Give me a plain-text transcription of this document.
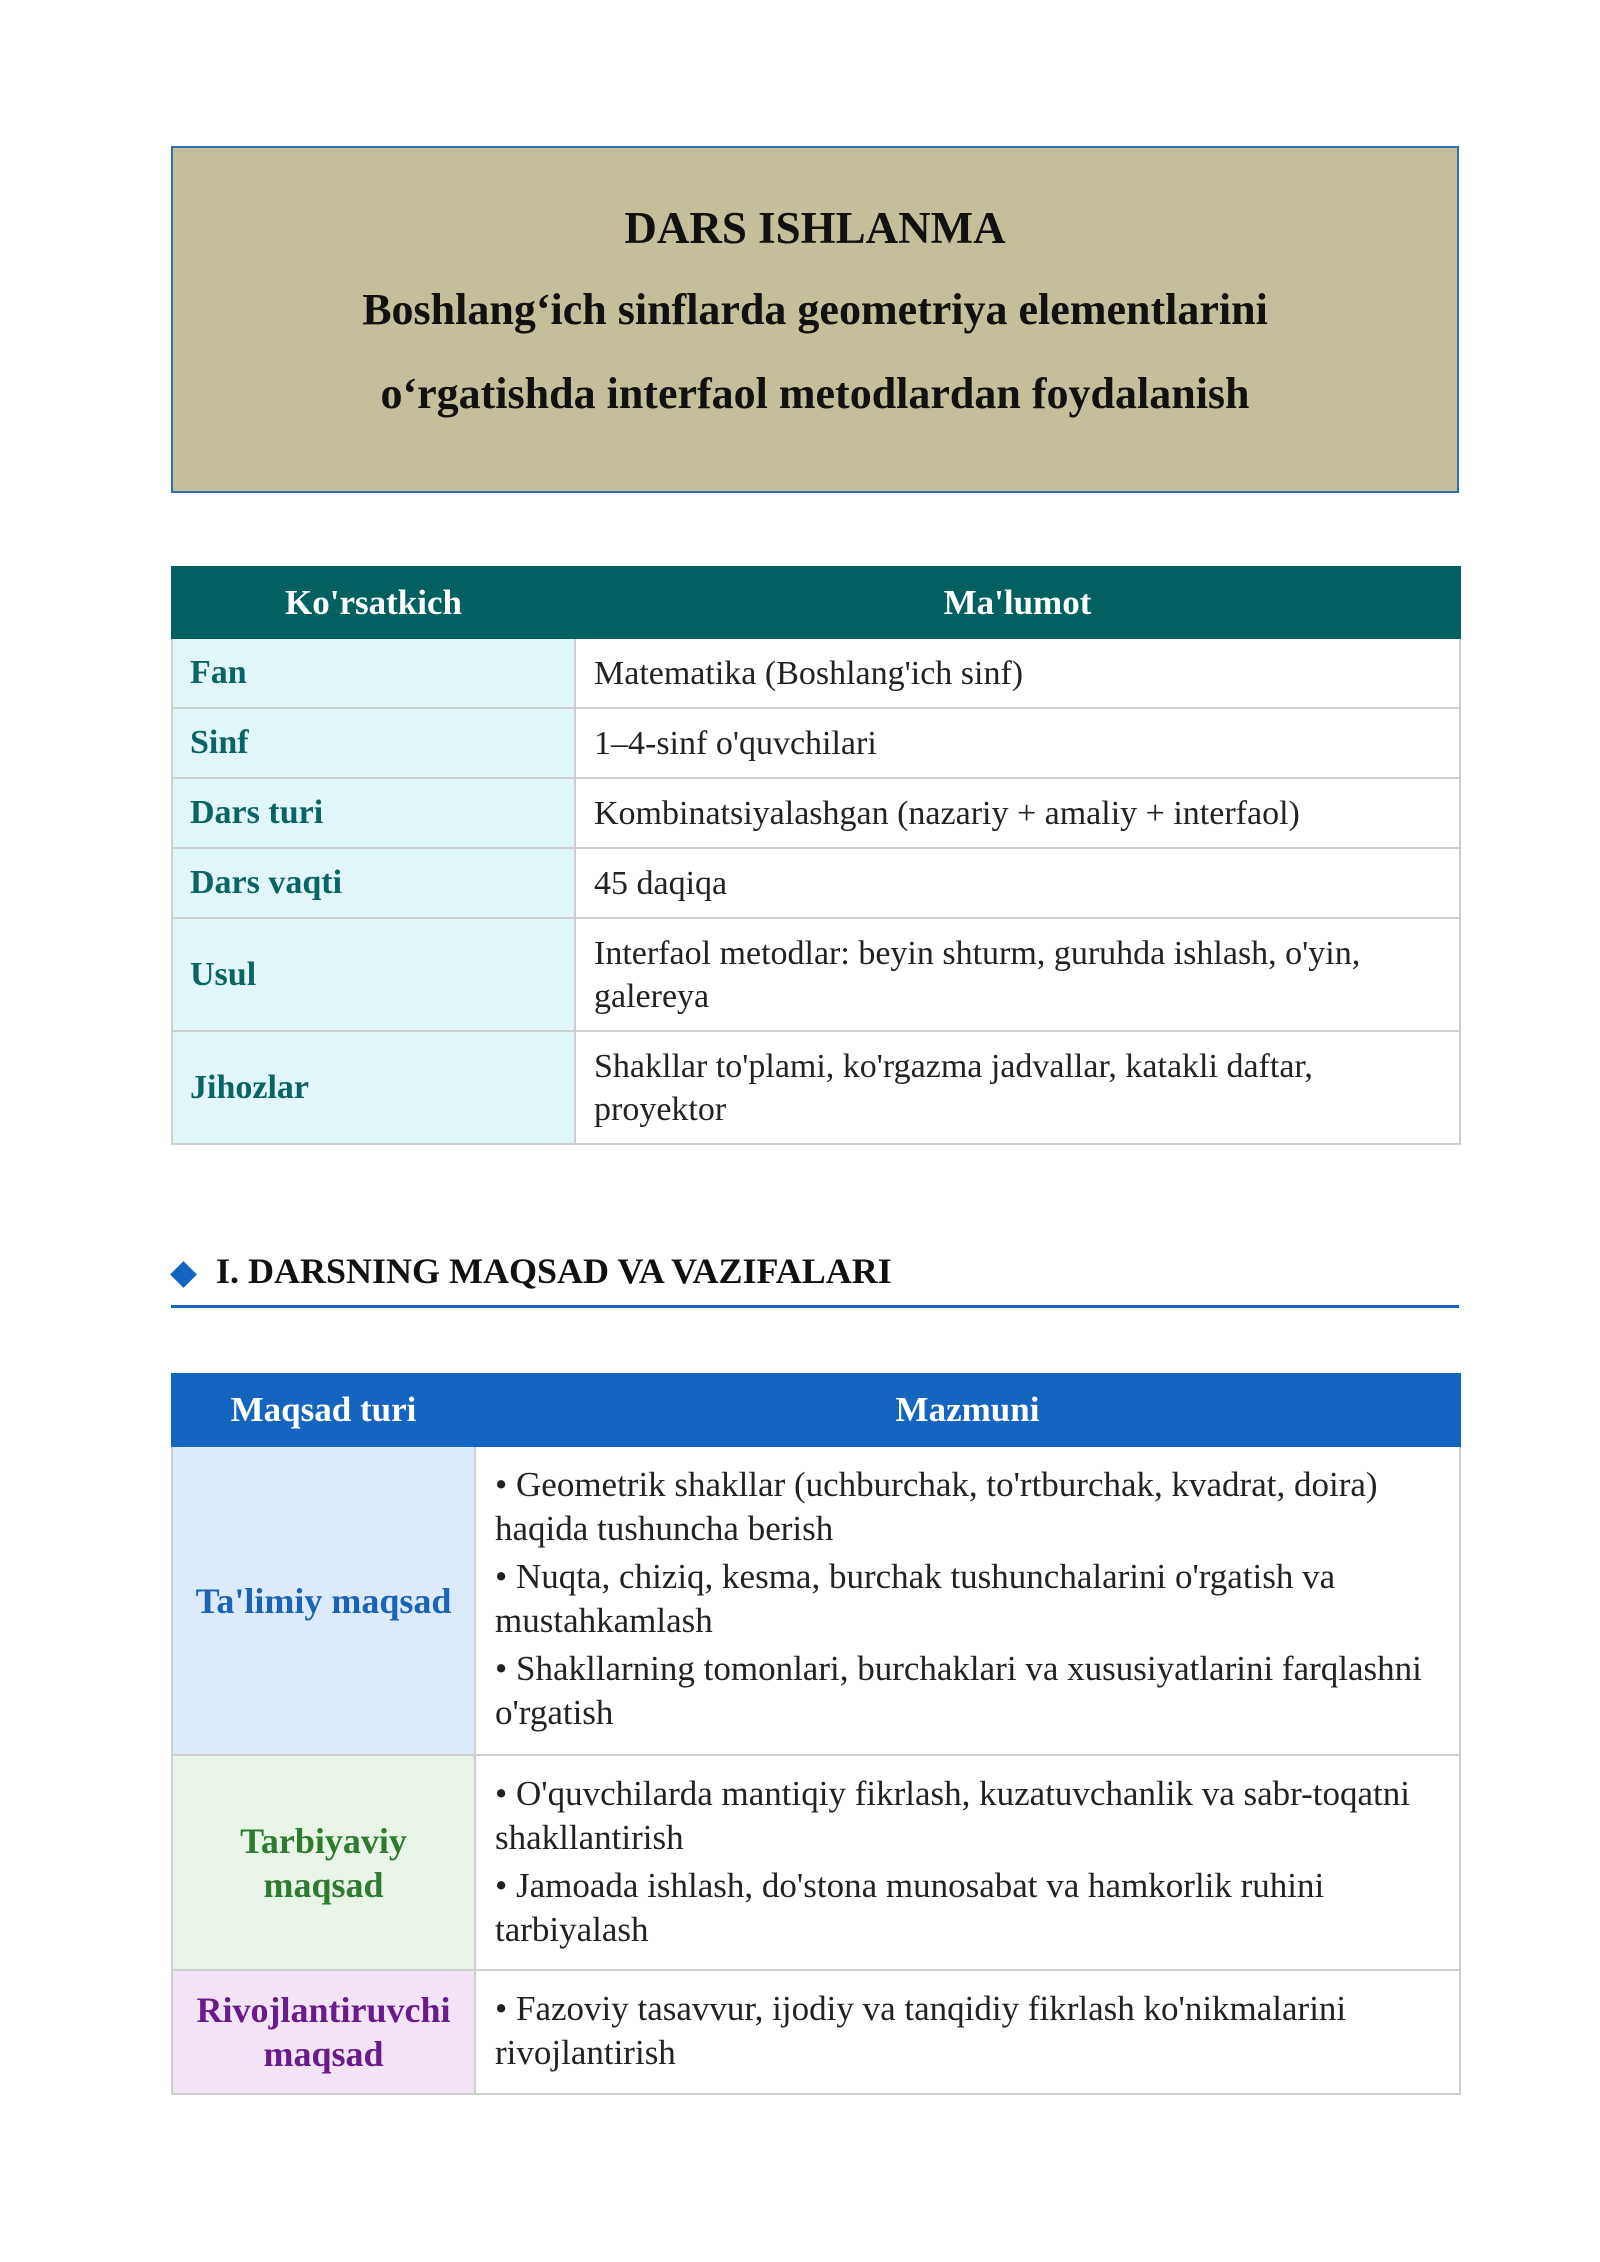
DARS ISHLANMA
Boshlang‘ich sinflarda geometriya elementlarini
o‘rgatishda interfaol metodlardan foydalanish
Ko'rsatkich	Ma'lumot
Fan	Matematika (Boshlang'ich sinf)
Sinf	1–4-sinf o'quvchilari
Dars turi	Kombinatsiyalashgan (nazariy + amaliy + interfaol)
Dars vaqti	45 daqiqa
Usul	Interfaol metodlar: beyin shturm, guruhda ishlash, o'yin, galereya
Jihozlar	Shakllar to'plami, ko'rgazma jadvallar, katakli daftar, proyektor
I. DARSNING MAQSAD VA VAZIFALARI
Maqsad turi	Mazmuni
Ta'limiy maqsad	• Geometrik shakllar (uchburchak, to'rtburchak, kvadrat, doira) haqida tushuncha berish
• Nuqta, chiziq, kesma, burchak tushunchalarini o'rgatish va mustahkamlash
• Shakllarning tomonlari, burchaklari va xususiyatlarini farqlashni o'rgatish

Tarbiyaviy maqsad	• O'quvchilarda mantiqiy fikrlash, kuzatuvchanlik va sabr-toqatni shakllantirish
• Jamoada ishlash, do'stona munosabat va hamkorlik ruhini tarbiyalash

Rivojlantiruvchi maqsad	• Fazoviy tasavvur, ijodiy va tanqidiy fikrlash ko'nikmalarini rivojlantirish
